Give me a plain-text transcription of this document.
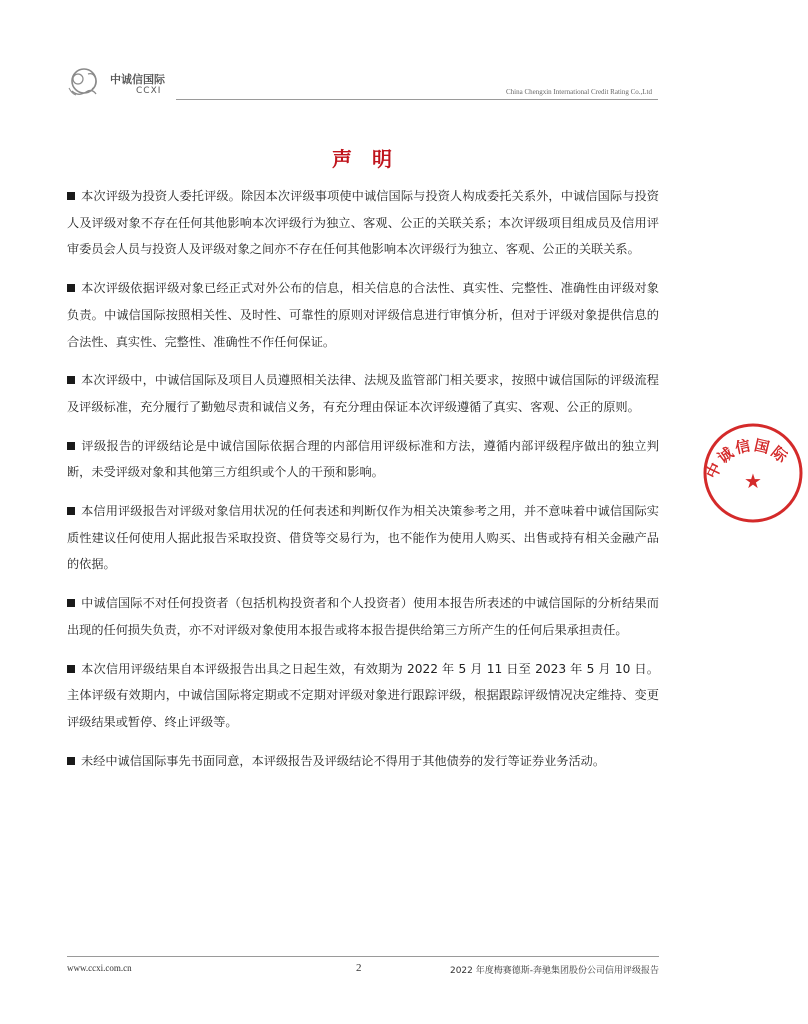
中诚信国际
CCXI	China Chengxin International Credit Rating Co.,Ltd
声明

本次评级为投资人委托评级。除因本次评级事项使中诚信国际与投资人构成委托关系外，中诚信国际与投资人及评级对象不存在任何其他影响本次评级行为独立、客观、公正的关联关系；本次评级项目组成员及信用评审委员会人员与投资人及评级对象之间亦不存在任何其他影响本次评级行为独立、客观、公正的关联关系。

本次评级依据评级对象已经正式对外公布的信息，相关信息的合法性、真实性、完整性、准确性由评级对象负责。中诚信国际按照相关性、及时性、可靠性的原则对评级信息进行审慎分析，但对于评级对象提供信息的合法性、真实性、完整性、准确性不作任何保证。

本次评级中，中诚信国际及项目人员遵照相关法律、法规及监管部门相关要求，按照中诚信国际的评级流程及评级标准，充分履行了勤勉尽责和诚信义务，有充分理由保证本次评级遵循了真实、客观、公正的原则。

评级报告的评级结论是中诚信国际依据合理的内部信用评级标准和方法，遵循内部评级程序做出的独立判断，未受评级对象和其他第三方组织或个人的干预和影响。

本信用评级报告对评级对象信用状况的任何表述和判断仅作为相关决策参考之用，并不意味着中诚信国际实质性建议任何使用人据此报告采取投资、借贷等交易行为，也不能作为使用人购买、出售或持有相关金融产品的依据。

中诚信国际不对任何投资者（包括机构投资者和个人投资者）使用本报告所表述的中诚信国际的分析结果而出现的任何损失负责，亦不对评级对象使用本报告或将本报告提供给第三方所产生的任何后果承担责任。

本次信用评级结果自本评级报告出具之日起生效，有效期为 2022 年 5 月 11 日至 2023 年 5 月 10 日。主体评级有效期内，中诚信国际将定期或不定期对评级对象进行跟踪评级，根据跟踪评级情况决定维持、变更评级结果或暂停、终止评级等。

未经中诚信国际事先书面同意，本评级报告及评级结论不得用于其他债券的发行等证券业务活动。

中诚信国际
★
www.ccxi.com.cn	2	2022 年度梅赛德斯-奔驰集团股份公司信用评级报告
